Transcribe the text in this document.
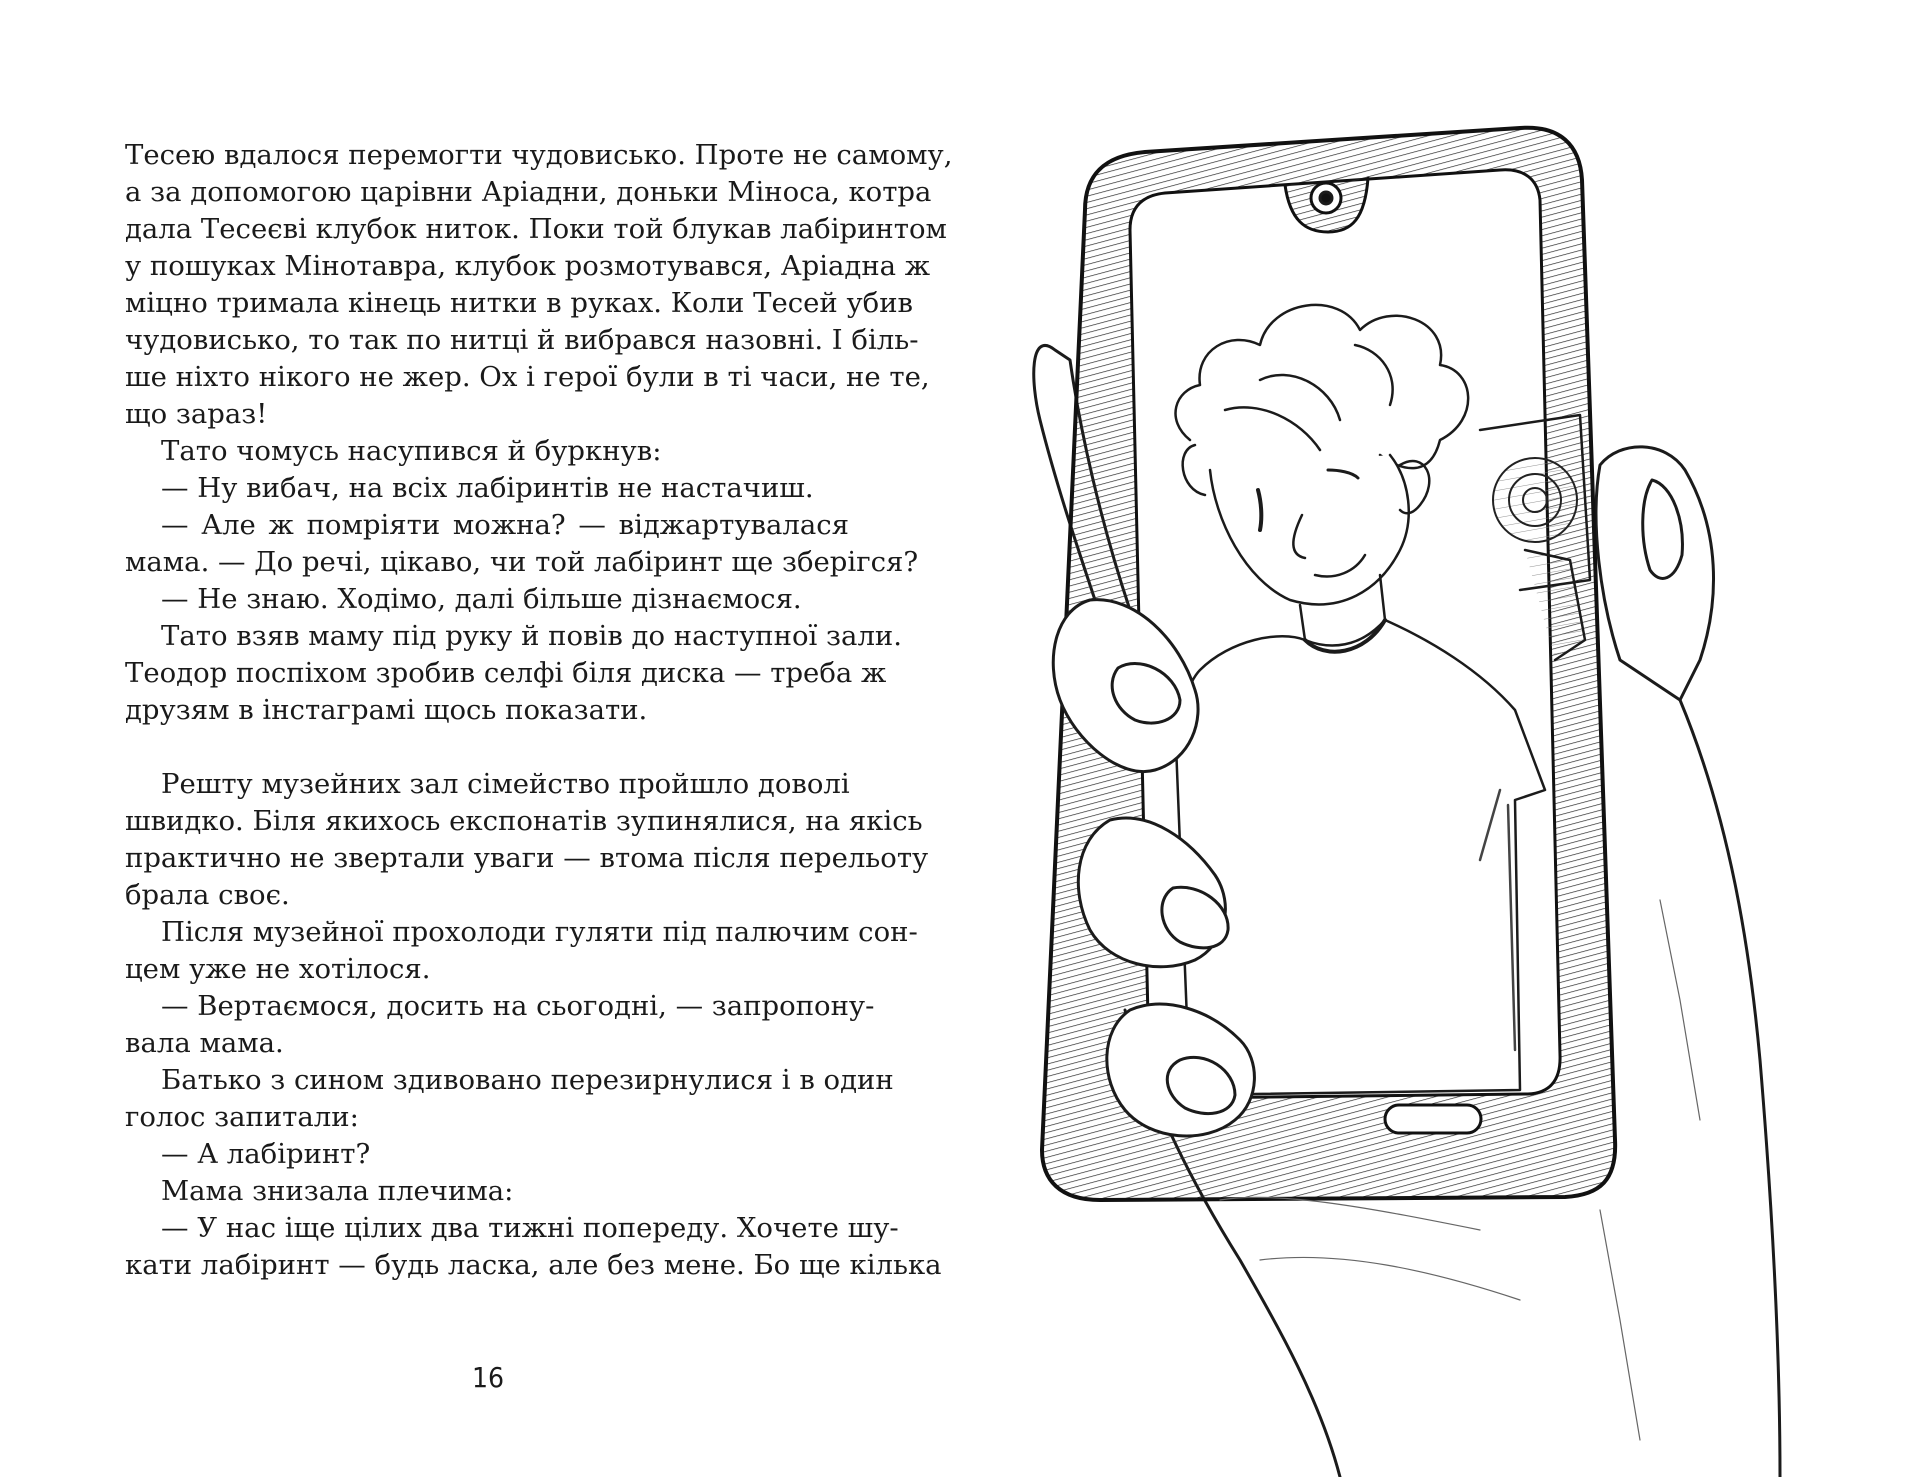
Тесею вдалося перемогти чудовисько. Проте не самому,
а за допомогою царівни Аріадни, доньки Міноса, котра
дала Тесеєві клубок ниток. Поки той блукав лабіринтом
у пошуках Мінотавра, клубок розмотувався, Аріадна ж
міцно тримала кінець нитки в руках. Коли Тесей убив
чудовисько, то так по нитці й вибрався назовні. І біль-
ше ніхто нікого не жер. Ох і герої були в ті часи, не те,
що зараз!
Тато чомусь насупився й буркнув:
— Ну вибач, на всіх лабіринтів не настачиш.
— Але ж помріяти можна? — віджартувалася
мама. — До речі, цікаво, чи той лабіринт ще зберігся?
— Не знаю. Ходімо, далі більше дізнаємося.
Тато взяв маму під руку й повів до наступної зали.
Теодор поспіхом зробив селфі біля диска — треба ж
друзям в інстаграмі щось показати.
Решту музейних зал сімейство пройшло доволі
швидко. Біля якихось експонатів зупинялися, на якісь
практично не звертали уваги — втома після перельоту
брала своє.
Після музейної прохолоди гуляти під палючим сон-
цем уже не хотілося.
— Вертаємося, досить на сьогодні, — запропону-
вала мама.
Батько з сином здивовано перезирнулися і в один
голос запитали:
— А лабіринт?
Мама знизала плечима:
— У нас іще цілих два тижні попереду. Хочете шу-
кати лабіринт — будь ласка, але без мене. Бо ще кілька
16
